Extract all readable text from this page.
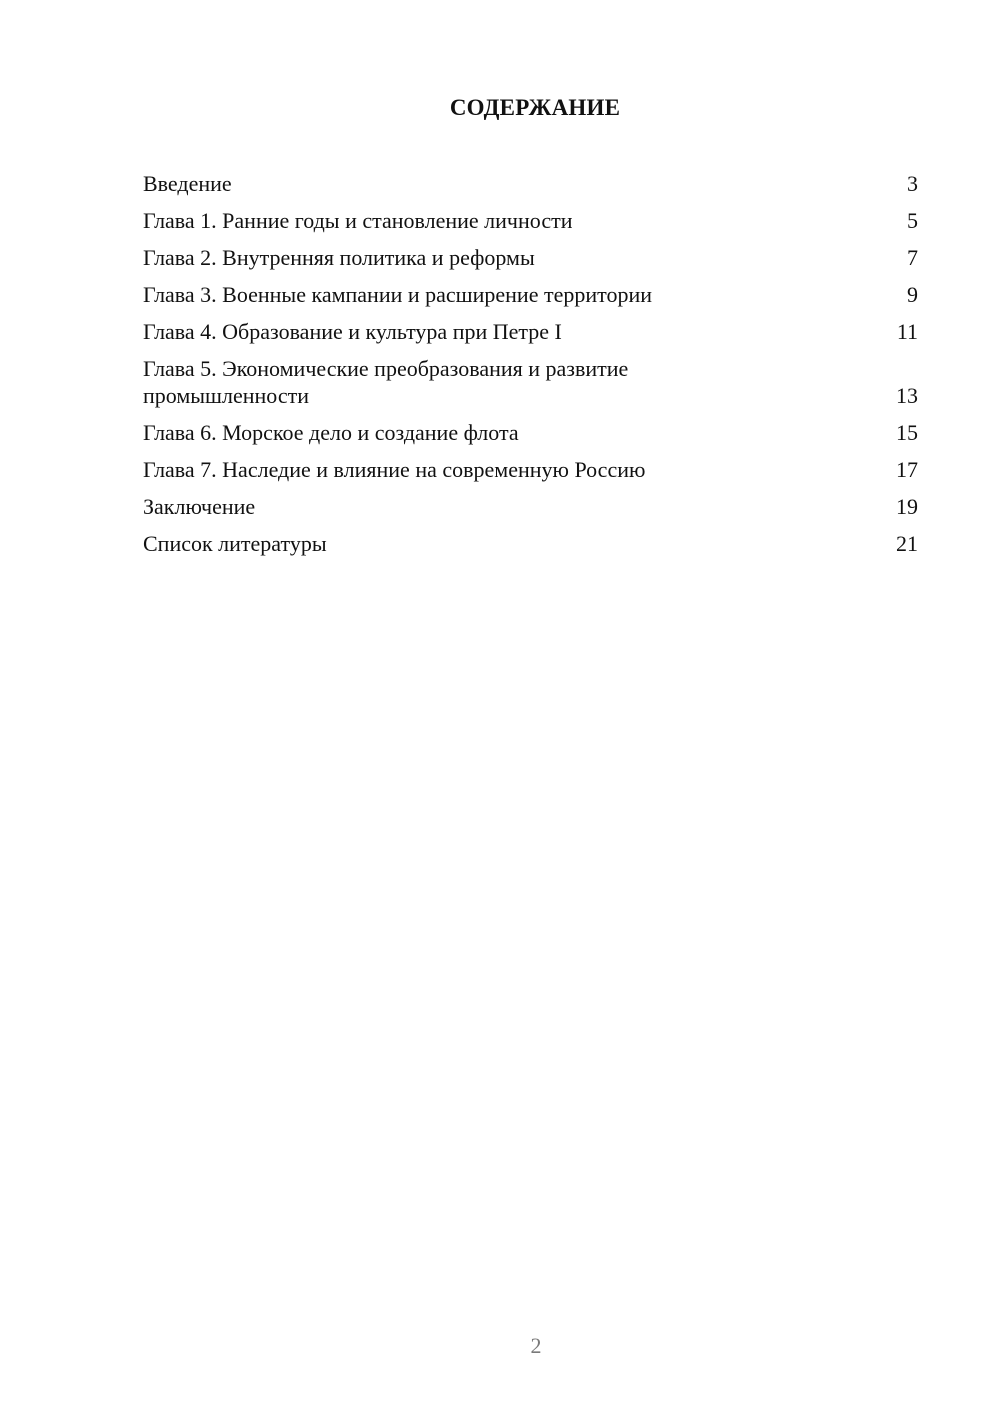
СОДЕРЖАНИЕ
Введение	3
Глава 1. Ранние годы и становление личности	5
Глава 2. Внутренняя политика и реформы	7
Глава 3. Военные кампании и расширение территории	9
Глава 4. Образование и культура при Петре I	11
Глава 5. Экономические преобразования и развитие
промышленности	13
Глава 6. Морское дело и создание флота	15
Глава 7. Наследие и влияние на современную Россию	17
Заключение	19
Список литературы	21
2
